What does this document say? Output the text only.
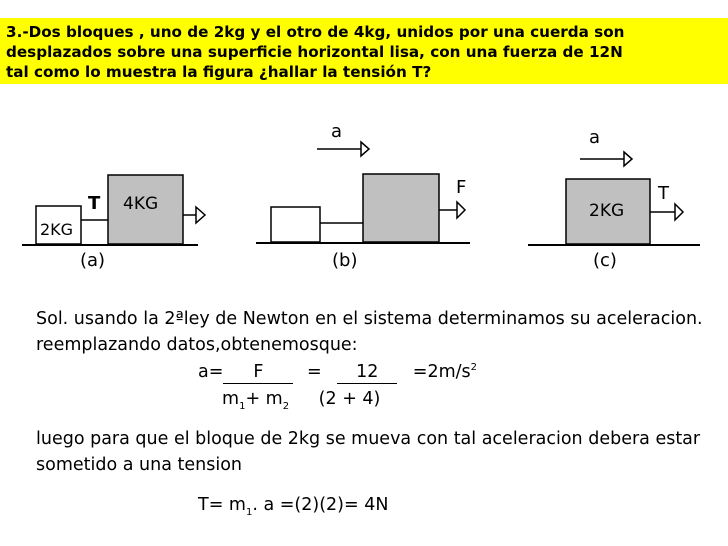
3.-Dos bloques , uno de 2kg y el otro de 4kg, unidos por una cuerda son
desplazados sobre una superficie horizontal lisa, con una fuerza de 12N
tal como lo muestra la figura ¿hallar la tensión T?
2KG
T 4KG
(a)
a
F
(b)
a
2KG
T
(c)
Sol. usando la 2ªley de Newton en el sistema determinamos su aceleracion.
reemplazando datos,obtenemosque:
$a= F = 12 =2m/s^2$
$m_1+ m_2$ (2 + 4)
luego para que el bloque de 2kg se mueva con tal aceleracion debera estar
sometido a una tension
$T= m_1$. a =(2)(2)= 4N
